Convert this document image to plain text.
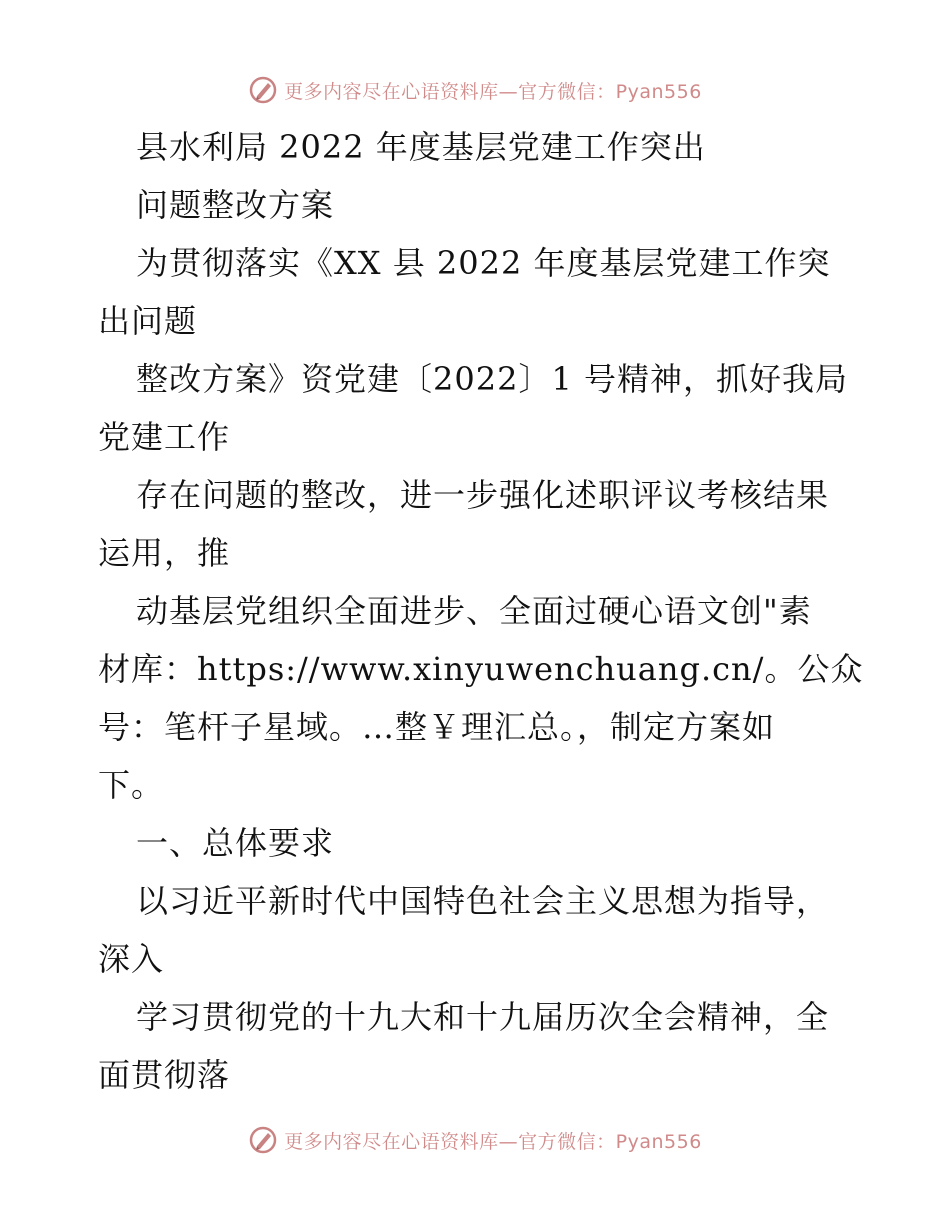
更多内容尽在心语资料库—官方微信：Pyan556
县水利局 2022 年度基层党建工作突出
问题整改方案
为贯彻落实《XX 县 2022 年度基层党建工作突
出问题
整改方案》资党建〔2022〕1 号精神，抓好我局
党建工作
存在问题的整改，进一步强化述职评议考核结果
运用，推
动基层党组织全面进步、全面过硬心语文创"素
材库：https://www.xinyuwenchuang.cn/。公众
号：笔杆子星域。…整￥理汇总。，制定方案如
下。
一、总体要求
以习近平新时代中国特色社会主义思想为指导，
深入
学习贯彻党的十九大和十九届历次全会精神，全
面贯彻落
更多内容尽在心语资料库—官方微信：Pyan556
